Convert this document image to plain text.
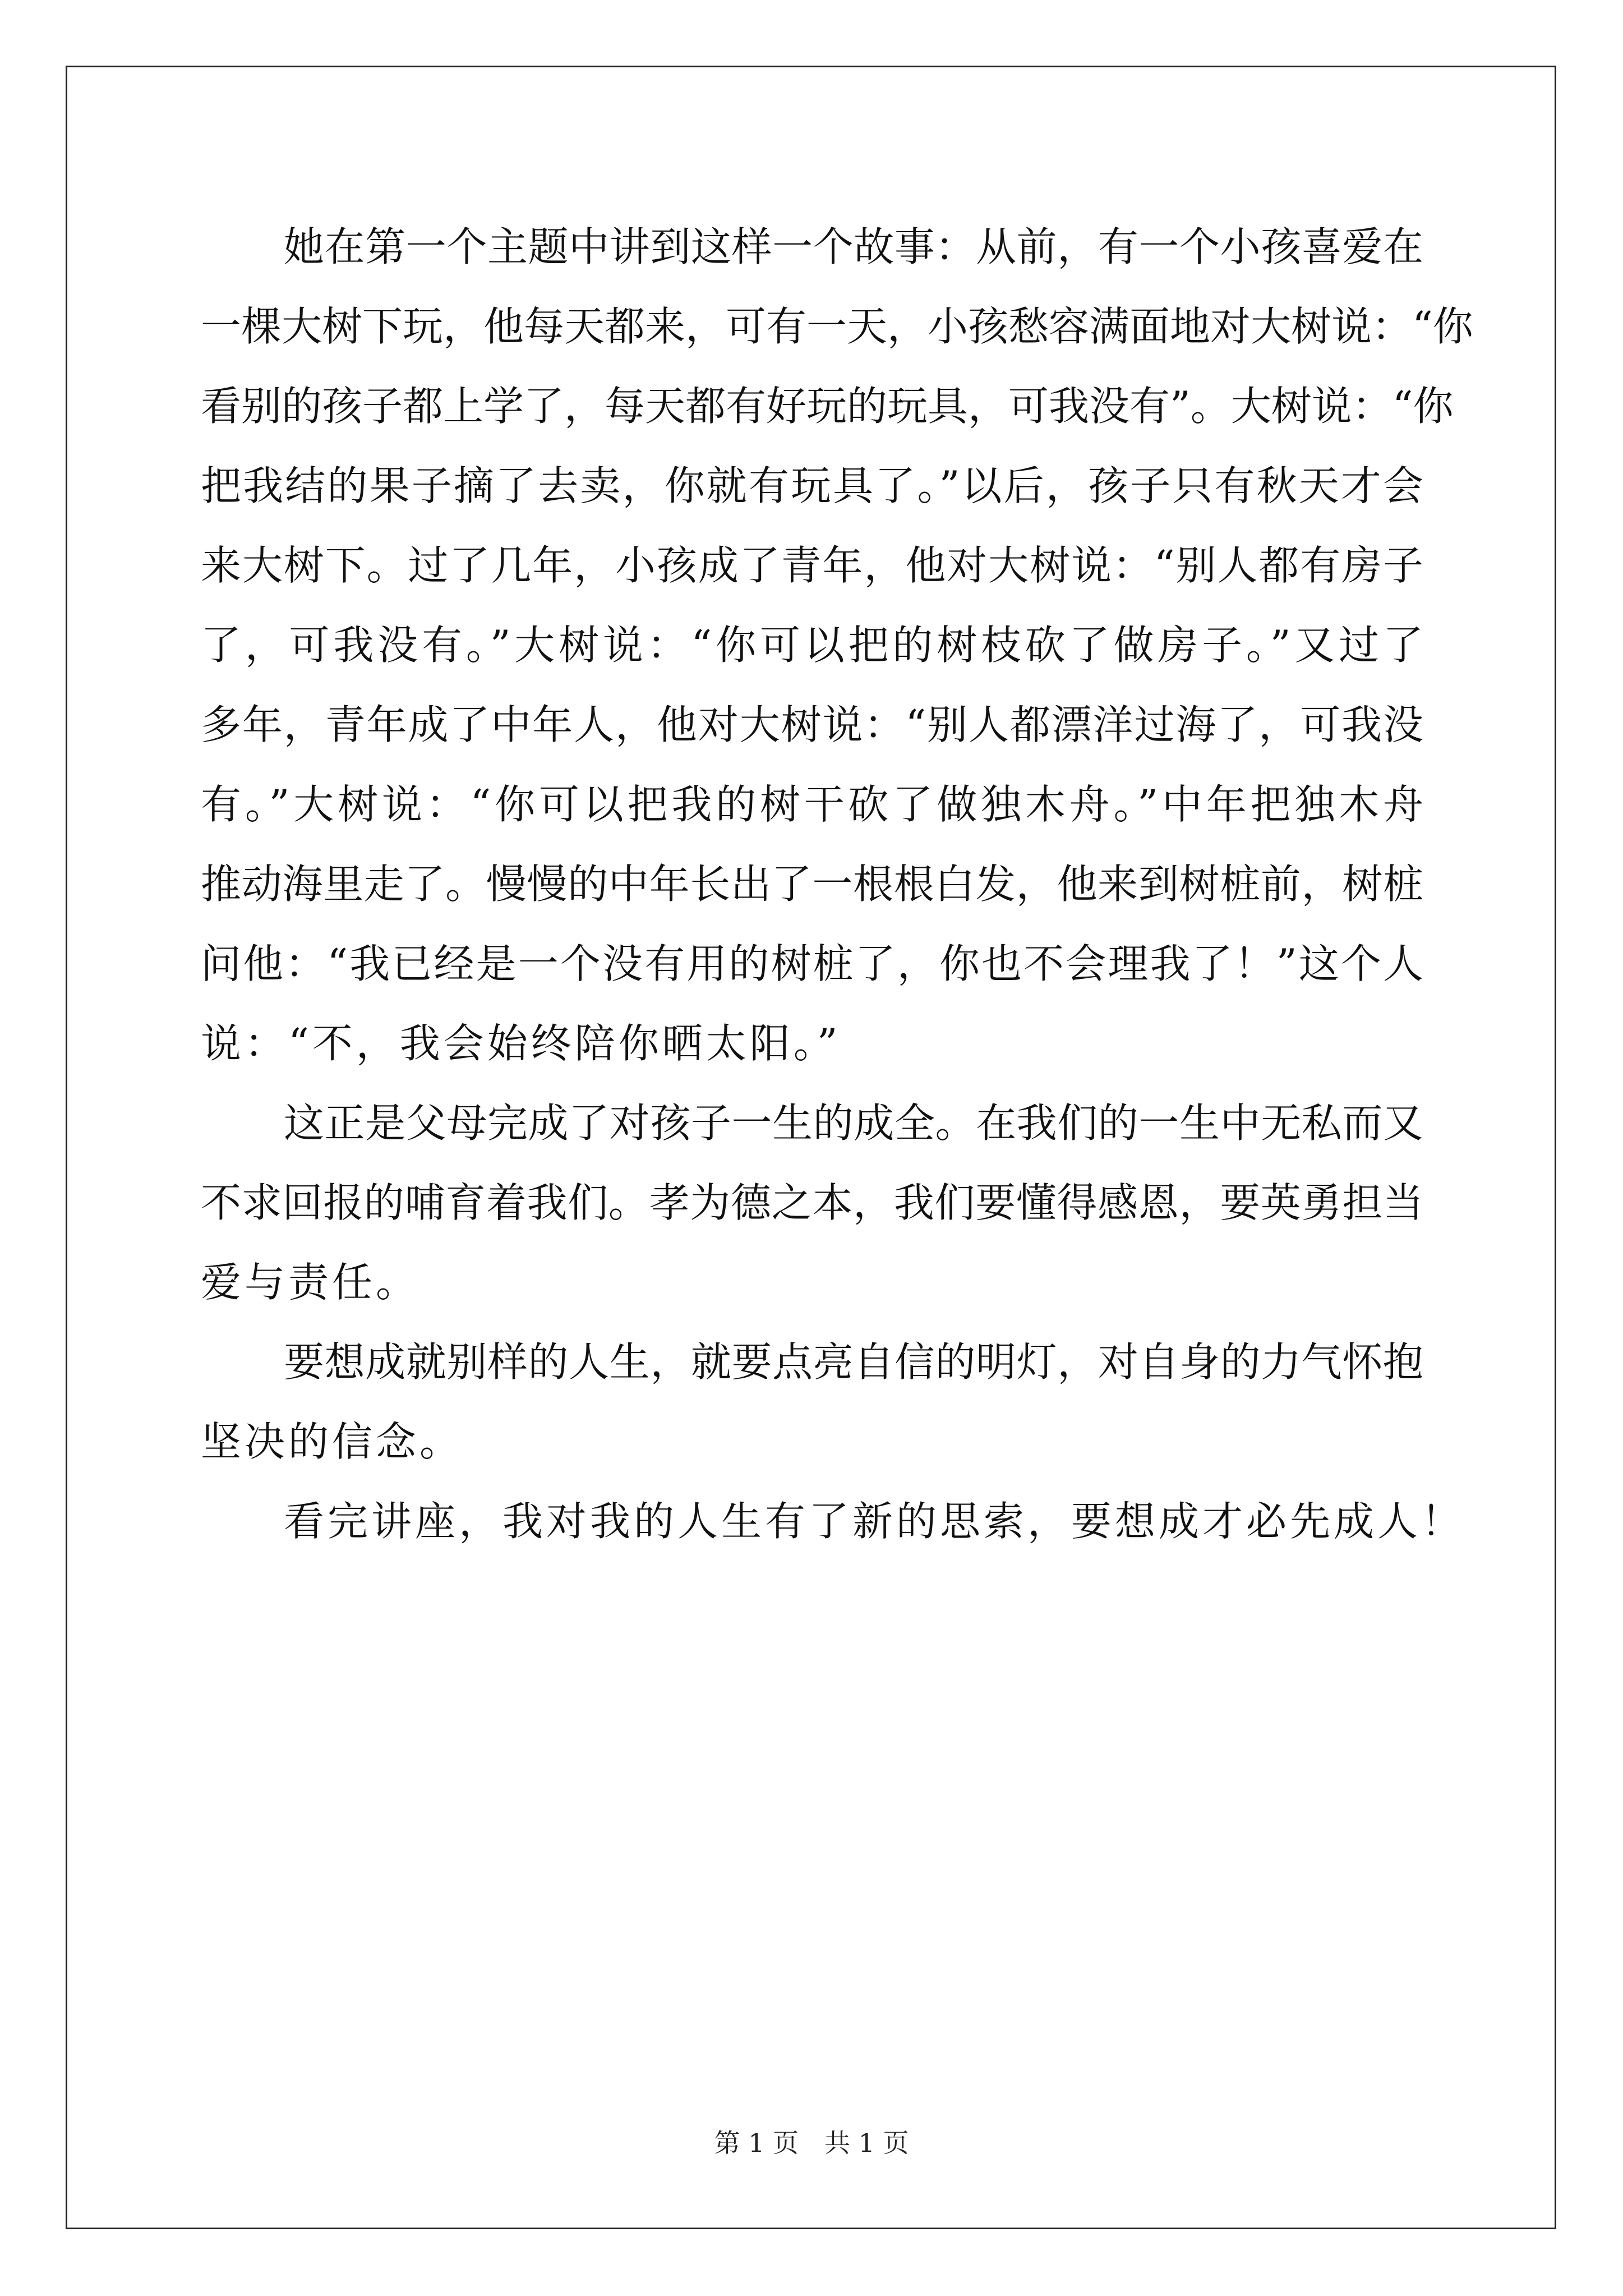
她在第一个主题中讲到这样一个故事：从前，有一个小孩喜爱在
一棵大树下玩，他每天都来，可有一天，小孩愁容满面地对大树说：“你
看别的孩子都上学了，每天都有好玩的玩具，可我没有”。大树说：“你
把我结的果子摘了去卖，你就有玩具了。”以后，孩子只有秋天才会
来大树下。过了几年，小孩成了青年，他对大树说：“别人都有房子
了，可我没有。”大树说：“你可以把的树枝砍了做房子。”又过了
多年，青年成了中年人，他对大树说：“别人都漂洋过海了，可我没
有。”大树说：“你可以把我的树干砍了做独木舟。”中年把独木舟
推动海里走了。慢慢的中年长出了一根根白发，他来到树桩前，树桩
问他：“我已经是一个没有用的树桩了，你也不会理我了！”这个人
说：“不，我会始终陪你晒太阳。”
这正是父母完成了对孩子一生的成全。在我们的一生中无私而又
不求回报的哺育着我们。孝为德之本，我们要懂得感恩，要英勇担当
爱与责任。
要想成就别样的人生，就要点亮自信的明灯，对自身的力气怀抱
坚决的信念。
看完讲座，我对我的人生有了新的思索，要想成才必先成人！
第 1 页　共 1 页
